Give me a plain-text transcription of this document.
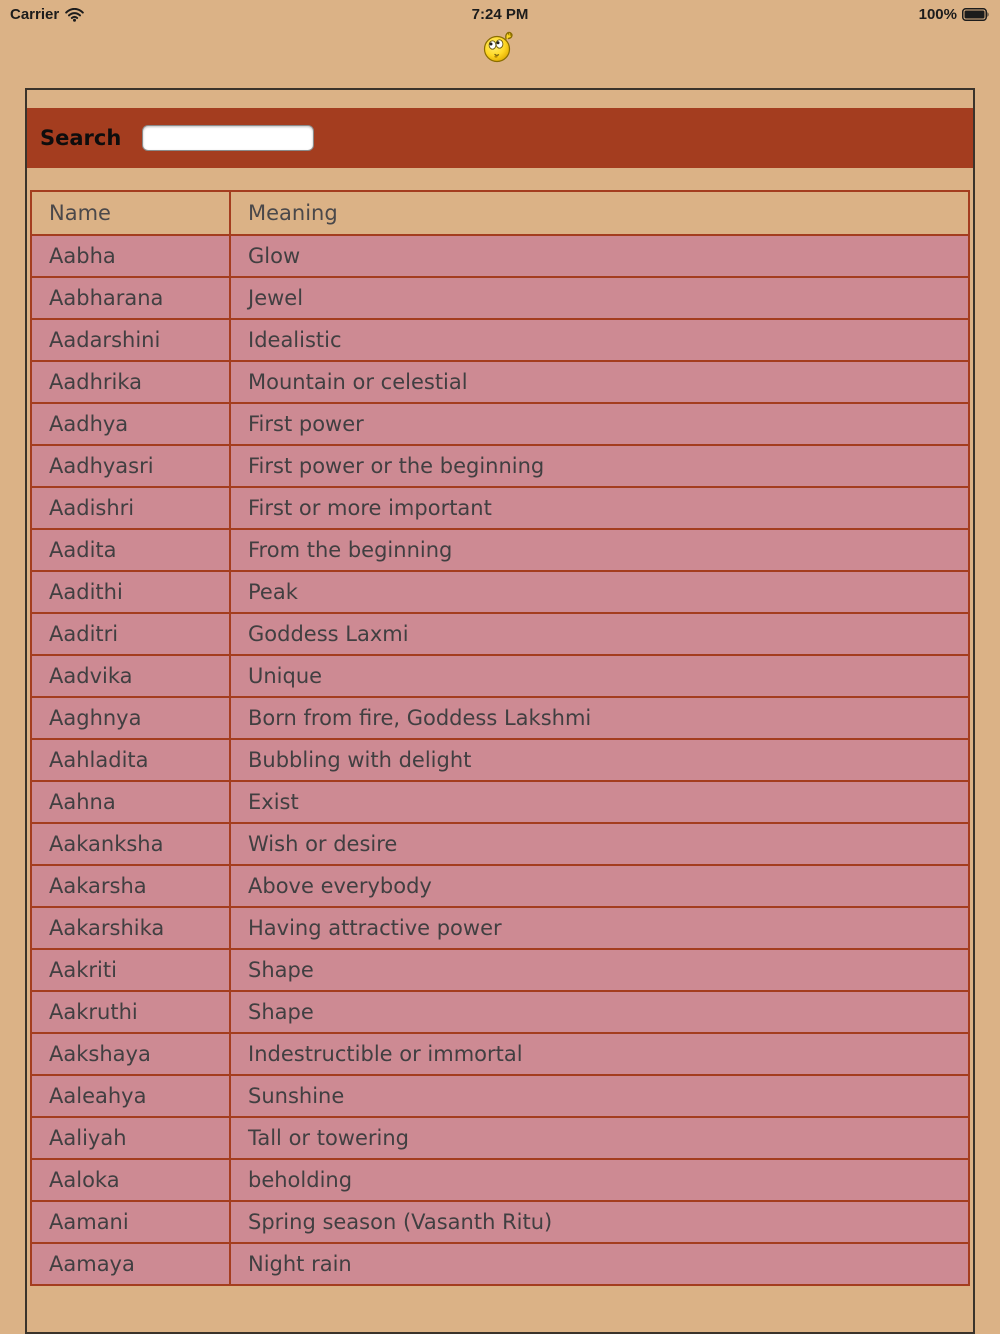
Carrier	7:24 PM	100%
Search
Name	Meaning
Aabha	Glow
Aabharana	Jewel
Aadarshini	Idealistic
Aadhrika	Mountain or celestial
Aadhya	First power
Aadhyasri	First power or the beginning
Aadishri	First or more important
Aadita	From the beginning
Aadithi	Peak
Aaditri	Goddess Laxmi
Aadvika	Unique
Aaghnya	Born from fire, Goddess Lakshmi
Aahladita	Bubbling with delight
Aahna	Exist
Aakanksha	Wish or desire
Aakarsha	Above everybody
Aakarshika	Having attractive power
Aakriti	Shape
Aakruthi	Shape
Aakshaya	Indestructible or immortal
Aaleahya	Sunshine
Aaliyah	Tall or towering
Aaloka	beholding
Aamani	Spring season (Vasanth Ritu)
Aamaya	Night rain
